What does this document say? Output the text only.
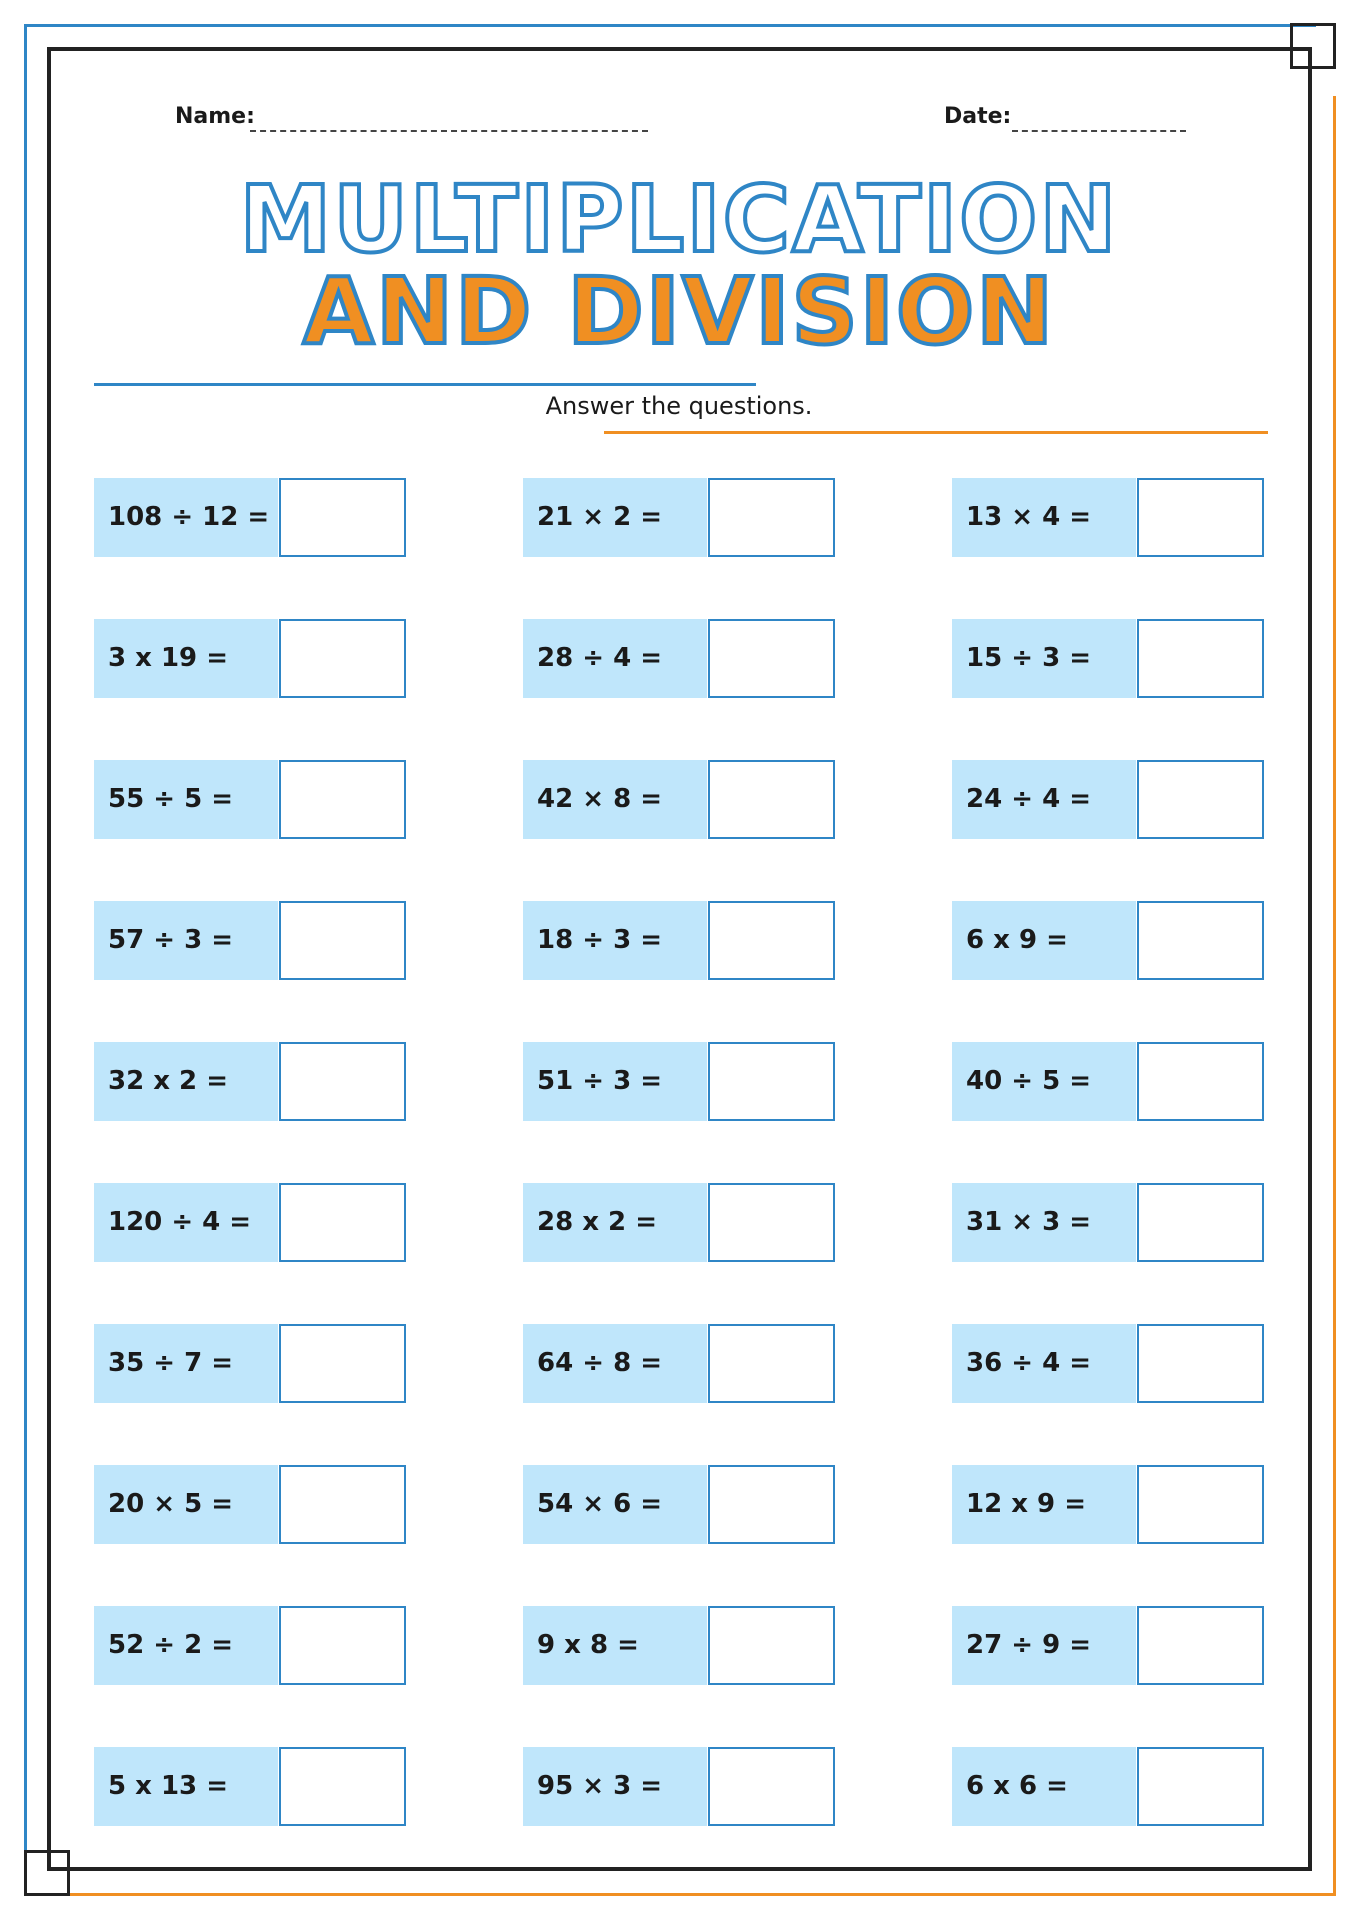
Name:	Date:
MULTIPLICATION
AND DIVISION
Answer the questions.
108 ÷ 12 =	21 × 2 =	13 × 4 =
3 x 19 =	28 ÷ 4 =	15 ÷ 3 =
55 ÷ 5 =	42 × 8 =	24 ÷ 4 =
57 ÷ 3 =	18 ÷ 3 =	6 x 9 =
32 x 2 =	51 ÷ 3 =	40 ÷ 5 =
120 ÷ 4 =	28 x 2 =	31 × 3 =
35 ÷ 7 =	64 ÷ 8 =	36 ÷ 4 =
20 × 5 =	54 × 6 =	12 x 9 =
52 ÷ 2 =	9 x 8 =	27 ÷ 9 =
5 x 13 =	95 × 3 =	6 x 6 =
